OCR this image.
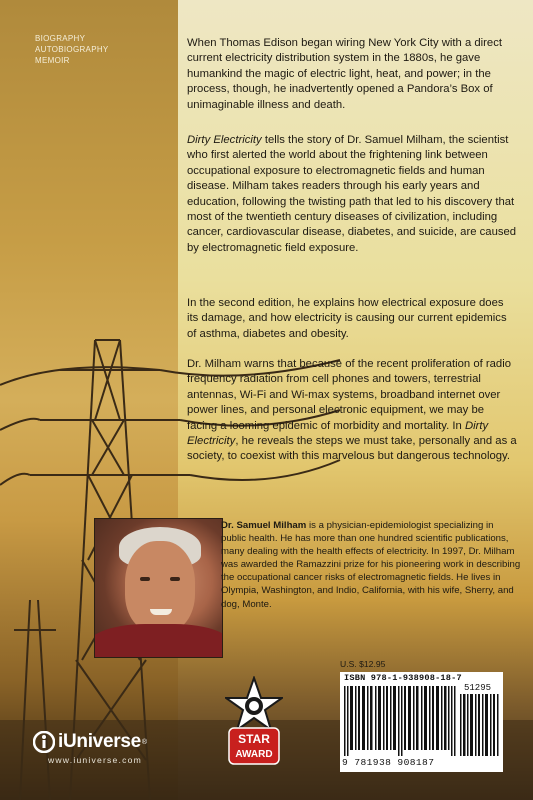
BIOGRAPHY
AUTOBIOGRAPHY
MEMOIR
When Thomas Edison began wiring New York City with a direct current electricity distribution system in the 1880s, he gave humankind the magic of electric light, heat, and power; in the process, though, he inadvertently opened a Pandora’s Box of unimaginable illness and death.
Dirty Electricity tells the story of Dr. Samuel Milham, the scientist who first alerted the world about the frightening link between occupational exposure to electromagnetic fields and human disease. Milham takes readers through his early years and education, following the twisting path that led to his discovery that most of the twentieth century diseases of civilization, including cancer, cardiovascular disease, diabetes, and suicide, are caused by electromagnetic field exposure.
In the second edition, he explains how electrical exposure does its damage, and how electricity is causing our current epidemics of asthma, diabetes and obesity.
Dr. Milham warns that because of the recent proliferation of radio frequency radiation from cell phones and towers, terrestrial antennas, Wi-Fi and Wi-max systems, broadband internet over power lines, and personal electronic equipment, we may be facing a looming epidemic of morbidity and mortality. In Dirty Electricity, he reveals the steps we must take, personally and as a society, to coexist with this marvelous but dangerous technology.
Dr. Samuel Milham is a physician-epidemiologist specializing in public health. He has more than one hundred scientific publications, many dealing with the health effects of electricity. In 1997, Dr. Milham was awarded the Ramazzini prize for his pioneering work in describing the occupational cancer risks of electromagnetic fields. He lives in Olympia, Washington, and Indio, California, with his wife, Sherry, and dog, Monte.
U.S. $12.95
ISBN 978-1-938908-18-7
51295
9 781938 908187
STAR
AWARD
iUniverse ®
www.iuniverse.com
